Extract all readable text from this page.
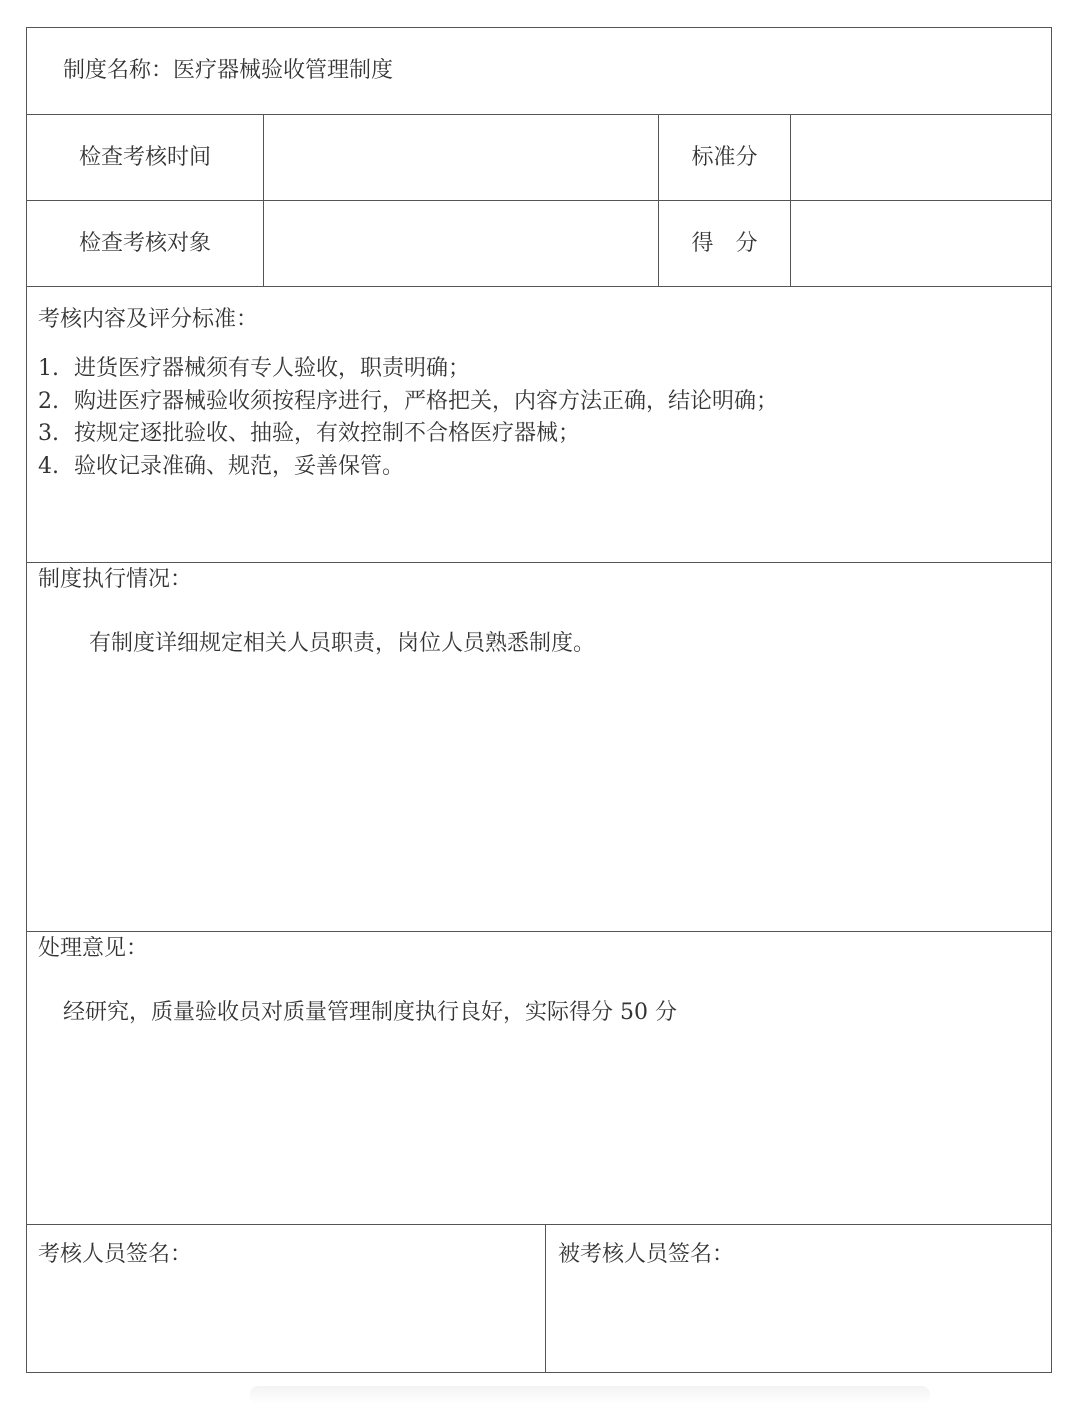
制度名称：医疗器械验收管理制度
检查考核时间	标准分
检查考核对象	得　分
考核内容及评分标准：
1. 进货医疗器械须有专人验收，职责明确；
2. 购进医疗器械验收须按程序进行，严格把关，内容方法正确，结论明确；
3. 按规定逐批验收、抽验，有效控制不合格医疗器械；
4. 验收记录准确、规范，妥善保管。
制度执行情况：
有制度详细规定相关人员职责，岗位人员熟悉制度。
处理意见：
经研究，质量验收员对质量管理制度执行良好，实际得分 50 分
考核人员签名：	被考核人员签名：
